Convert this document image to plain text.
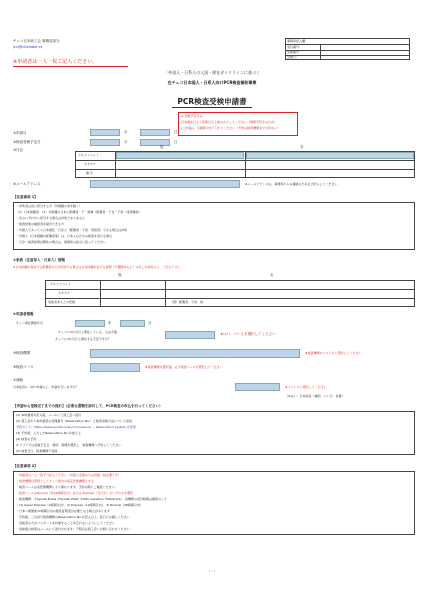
チェコ日本商工会 事務局担当
jcci@chamber.cz
事務局記入欄
受付番号：
受理番号：
受理日：
※申請者は一人一枚ご記入ください。
「外国人・日系人の入国・滞在ガイドラインに基づく
在チェコ日本国人・日系人向けPCR検査補助事業
PCR検査受検申請書
※ 受検予定日は、
日本滞在日より起算日以上前のみとしてください（事務手続きのため）
(ご申請は、1週間以内で下さりください（予約は検査機関までお早めに）
①申請日	月	日
②検査受検予定日	月	日
③氏名
姓	名
アルファベット
カタカナ
漢 字
④メールアドレス	※メールアドレスは、事務局からの連絡のため必ず記入してください
【注意事項 1】
・対象者は次に該当する方（外国籍の者を除く）
（1）日本国籍者、（2）外国籍の日本人配偶者・子・両親（配偶者・子女・子供・同居親族）
・次のいずれかに該当する場合は対象となりません
・検査結果の確認書を提出できる方
・外国人であっても日本国民・日系人（配偶者・子供・同居者）である場合は対象
・外国人（日本国籍の配偶者等）は、日本人のための検査を受ける場合
・万が一検査結果が陽性の場合は、保健所の指示に従ってください
③家族（在留邦人・日系人）情報
※日本国籍を保有する配偶者の方が同伴する場合は日本国籍を証する書類（戸籍謄本など）の写しを添付の上、ご記入下さい
姓	名
アルファベット
カタカナ
受検者本人との続柄	（例）配偶者、子供、両
④申請者情報
チェコ滞在開始年月	年	月
チェコに3か月以上滞在している、又は今後、
チェコに3か月以上滞在する予定ですか？
★はい、いいえを選択してください
⑤検査機関	★検査機関をリストから選択してください
⑥検査コース	★検査機関を選択後、必ず検査コースを選択してください
⑦補助
日本政府1、2を”申請の上、申請を行いますか？	★リストから選択してください
（※はい：日本政府へ補助、いいえ：自費）
【申請から受検完了までの流れ】（必要な書類を添付して、PCR検査の申込を行ってください）
(1) 本申請書を記入後、メールにて商工会へ送付
(2) 商工会から本申請書の受理番号（Reservation No.）と検査受検方法について返信
予約ガイド：https://www.synlab.cz/en/coronavirus/ — Reservation System を使用
(3) 予約時、入力したReservation No.を控える
(4) 検査の予約
※ アプリでは受検予定日、場所、時間を選択し、検査機関へ予約してください
(5) 検査当日、検査機関で受検
【注意事項 2】
・申請書は一人一枚ずつ記入ください（外国人家族の方は別途一枚必要です）
・検査機関は原則としてチェコ国内の指定医療機関とする
・検査コースは各医療機関により異なります。予約の際にご確認ください。
・検査コースはNormal（約24時間以内）または Express（当日中）のいずれかを選択
・検査機関：①Synlab Praha ②Synlab Plzeň ③GHC Genetics ④Mediclinic　各機関の受付時間は確認のこと
・(1) Super Express（2時間以内）、2) Express（12時間以内）、3) Normal（48時間以内）
・日本へ帰国前72時間以内の陰性証明書が必要となる場合があります
・予約後、ご自身で検査機関のReservation No.を記入の上、窓口にお越しください
・受検者の方がパスポートを持参することを忘れないようにしてください
・受検後の結果はメールにて送付されます。不明点は商工会へお問い合わせください
1 / 1
